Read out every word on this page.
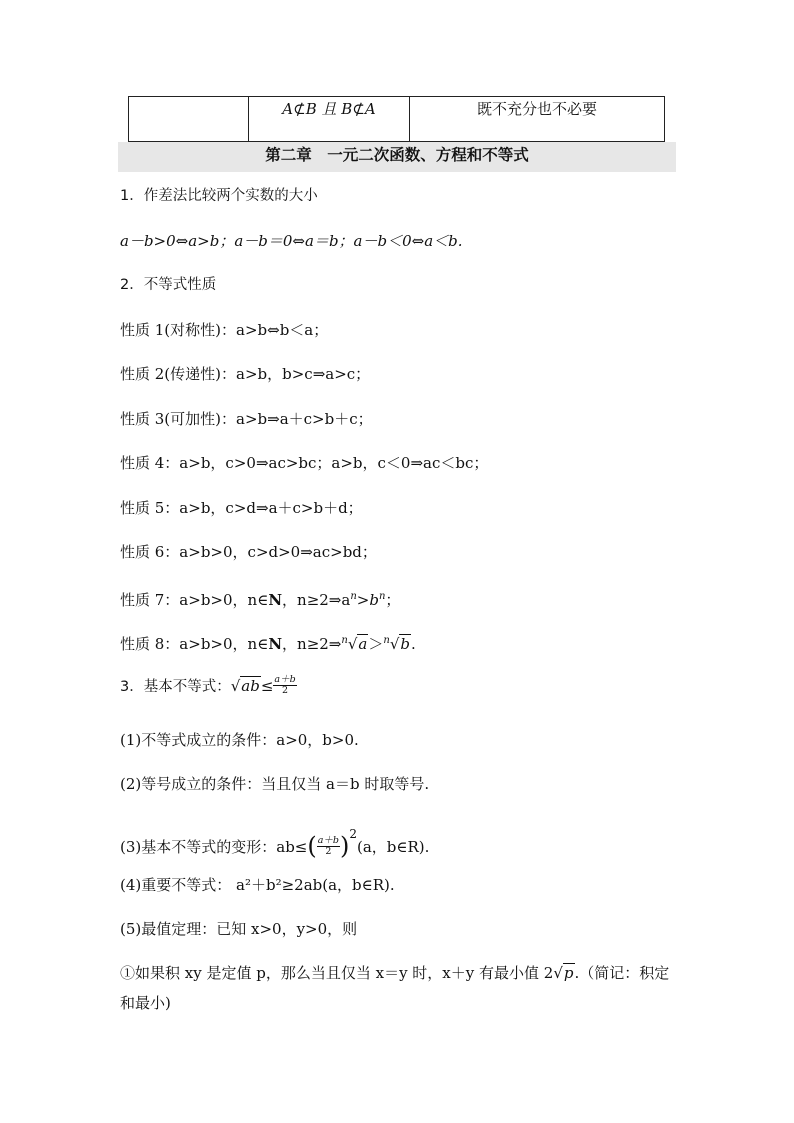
	A⊄B 且 B⊄A	既不充分也不必要
第二章　一元二次函数、方程和不等式
1．作差法比较两个实数的大小
a－b>0⇔a>b；a－b＝0⇔a＝b；a－b＜0⇔a＜b.
2．不等式性质
性质 1(对称性)：a>b⇔b＜a；
性质 2(传递性)：a>b，b>c⇒a>c；
性质 3(可加性)：a>b⇒a＋c>b＋c；
性质 4：a>b，c>0⇒ac>bc；a>b，c＜0⇒ac＜bc；
性质 5：a>b，c>d⇒a＋c>b＋d；
性质 6：a>b>0，c>d>0⇒ac>bd；
性质 7：a>b>0，n∈N，$n\ge 2\Rightarrow a^n>b^n$；
性质 8：a>b>0，n∈N，n≥2⇒$^n$√a＞$^n$√b.
3．基本不等式：$√ab\le \frac{a+b}{2}$
(1)不等式成立的条件：a>0，b>0.
(2)等号成立的条件：当且仅当 a＝b 时取等号.
(3)基本不等式的变形：$ab\le( \frac{a+b}{2} )^2(a$，b∈R).
(4)重要不等式： a²＋b²≥2ab(a，b∈R).
(5)最值定理：已知 x>0，y>0，则
①如果积 xy 是定值 p，那么当且仅当 x＝y 时，x＋y 有最小值 2√p.（简记：积定和最小)
